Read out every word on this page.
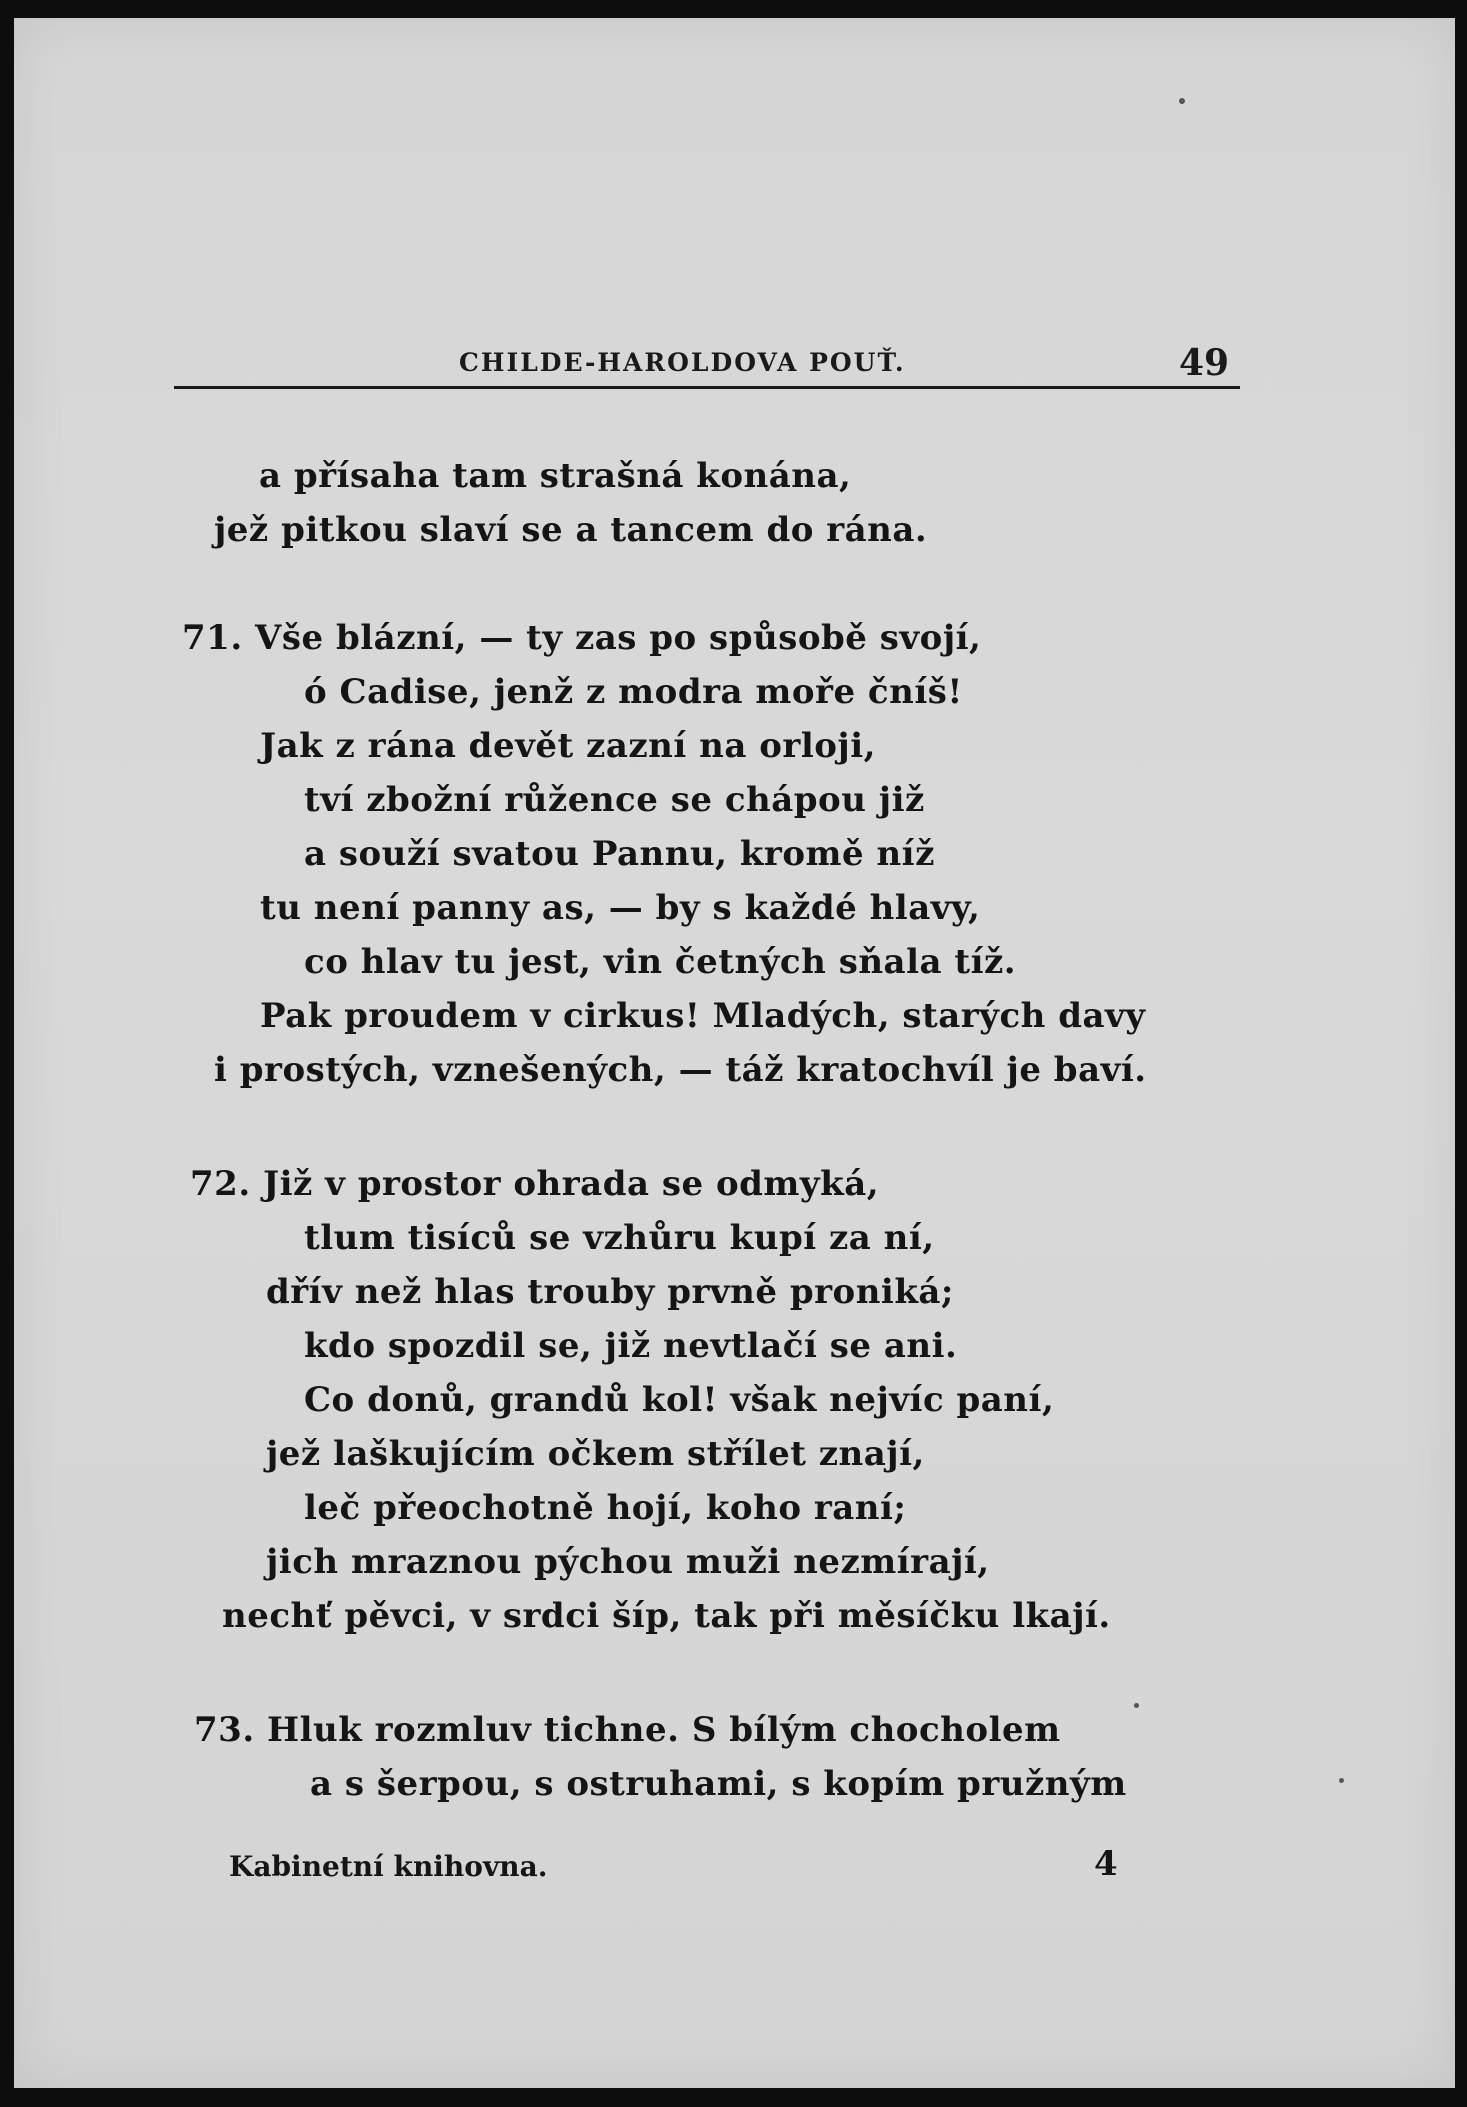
CHILDE-HAROLDOVA POUŤ.	49
a přísaha tam strašná konána,
jež pitkou slaví se a tancem do rána.
71. Vše blázní, — ty zas po spůsobě svojí,
ó Cadise, jenž z modra moře čníš!
Jak z rána devět zazní na orloji,
tví zbožní růžence se chápou již
a souží svatou Pannu, kromě níž
tu není panny as, — by s každé hlavy,
co hlav tu jest, vin četných sňala tíž.
Pak proudem v cirkus! Mladých, starých davy
i prostých, vznešených, — táž kratochvíl je baví.
72. Již v prostor ohrada se odmyká,
tlum tisíců se vzhůru kupí za ní,
dřív než hlas trouby prvně proniká;
kdo spozdil se, již nevtlačí se ani.
Co donů, grandů kol! však nejvíc paní,
jež laškujícím očkem střílet znají,
leč přeochotně hojí, koho raní;
jich mraznou pýchou muži nezmírají,
nechť pěvci, v srdci šíp, tak při měsíčku lkají.
73. Hluk rozmluv tichne. S bílým chocholem
a s šerpou, s ostruhami, s kopím pružným
Kabinetní knihovna.	4
